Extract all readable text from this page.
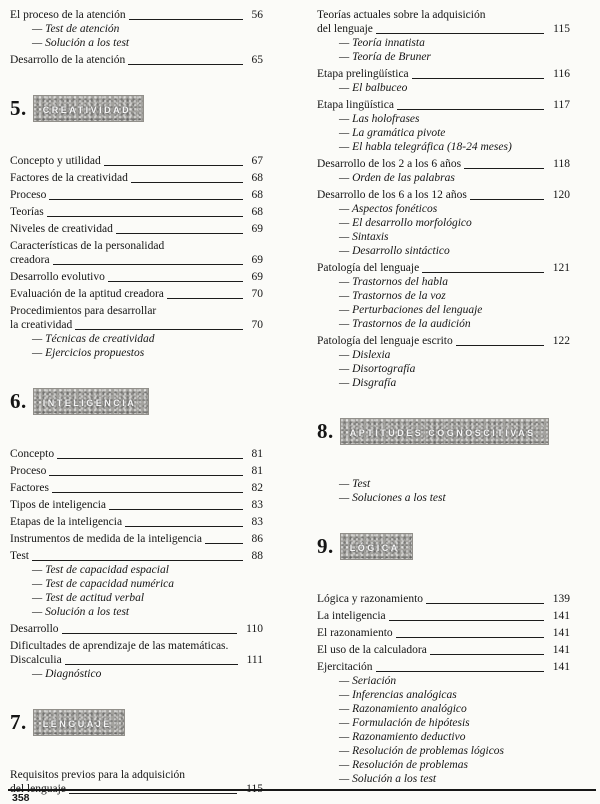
El proceso de la atención	56
— Test de atención
— Solución a los test
Desarrollo de la atención	65
5.	CREATIVIDAD
Concepto y utilidad	67
Factores de la creatividad	68
Proceso	68
Teorías	68
Niveles de creatividad	69
Características de la personalidad
creadora	69
Desarrollo evolutivo	69
Evaluación de la aptitud creadora	70
Procedimientos para desarrollar
la creatividad	70
— Técnicas de creatividad
— Ejercicios propuestos
6.	INTELIGENCIA
Concepto	81
Proceso	81
Factores	82
Tipos de inteligencia	83
Etapas de la inteligencia	83
Instrumentos de medida de la inteligencia	86
Test	88
— Test de capacidad espacial
— Test de capacidad numérica
— Test de actitud verbal
— Solución a los test
Desarrollo	110
Dificultades de aprendizaje de las matemáticas.
Discalculia	111
— Diagnóstico
7.	LENGUAJE
Requisitos previos para la adquisición
del lenguaje	115
Teorías actuales sobre la adquisición
del lenguaje	115
— Teoría innatista
— Teoría de Bruner
Etapa prelingüística	116
— El balbuceo
Etapa lingüística	117
— Las holofrases
— La gramática pivote
— El habla telegráfica (18-24 meses)
Desarrollo de los 2 a los 6 años	118
— Orden de las palabras
Desarrollo de los 6 a los 12 años	120
— Aspectos fonéticos
— El desarrollo morfológico
— Sintaxis
— Desarrollo sintáctico
Patología del lenguaje	121
— Trastornos del habla
— Trastornos de la voz
— Perturbaciones del lenguaje
— Trastornos de la audición
Patología del lenguaje escrito	122
— Dislexia
— Disortografía
— Disgrafía
8.	APTITUDES COGNOSCITIVAS
— Test
— Soluciones a los test
9.	LÓGICA
Lógica y razonamiento	139
La inteligencia	141
El razonamiento	141
El uso de la calculadora	141
Ejercitación	141
— Seriación
— Inferencias analógicas
— Razonamiento analógico
— Formulación de hipótesis
— Razonamiento deductivo
— Resolución de problemas lógicos
— Resolución de problemas
— Solución a los test
358
